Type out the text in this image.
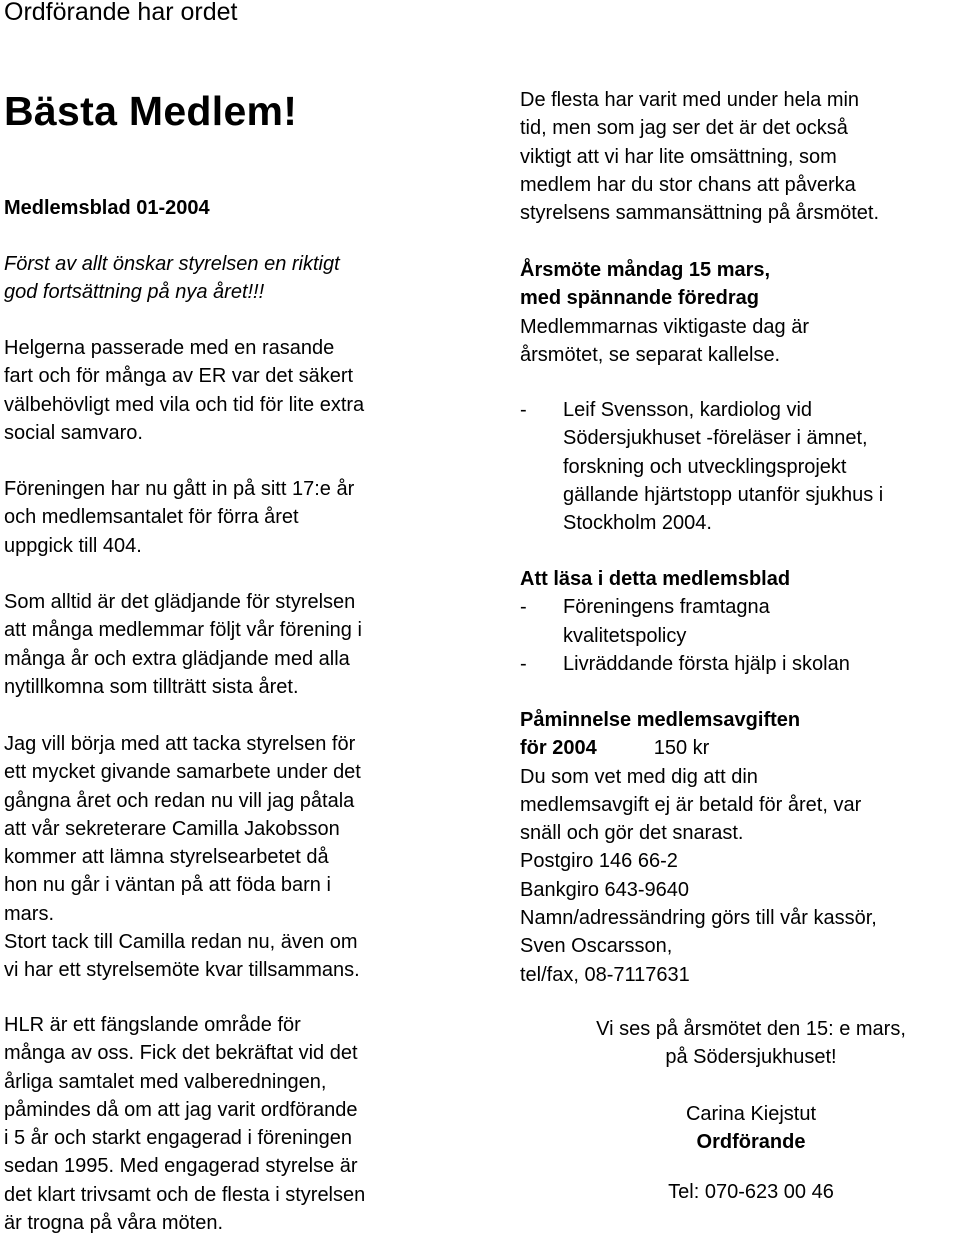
Ordförande har ordet
Bästa Medlem!
Medlemsblad 01-2004
Först av allt önskar styrelsen en riktigt
god fortsättning på nya året!!!
Helgerna passerade med en rasande
fart och för många av ER var det säkert
välbehövligt med vila och tid för lite extra
social samvaro.
Föreningen har nu gått in på sitt 17:e år
och medlemsantalet för förra året
uppgick till 404.
Som alltid är det glädjande för styrelsen
att många medlemmar följt vår förening i
många år och extra glädjande med alla
nytillkomna som tillträtt sista året.
Jag vill börja med att tacka styrelsen för
ett mycket givande samarbete under det
gångna året och redan nu vill jag påtala
att vår sekreterare Camilla Jakobsson
kommer att lämna styrelsearbetet då
hon nu går i väntan på att föda barn i
mars.
Stort tack till Camilla redan nu, även om
vi har ett styrelsemöte kvar tillsammans.
HLR är ett fängslande område för
många av oss. Fick det bekräftat vid det
årliga samtalet med valberedningen,
påmindes då om att jag varit ordförande
i 5 år och starkt engagerad i föreningen
sedan 1995. Med engagerad styrelse är
det klart trivsamt och de flesta i styrelsen
är trogna på våra möten.
De flesta har varit med under hela min
tid, men som jag ser det är det också
viktigt att vi har lite omsättning, som
medlem har du stor chans att påverka
styrelsens sammansättning på årsmötet.
Årsmöte måndag 15 mars,
med spännande föredrag
Medlemmarnas viktigaste dag är
årsmötet, se separat kallelse.
- Leif Svensson, kardiolog vid
Södersjukhuset -föreläser i ämnet,
forskning och utvecklingsprojekt
gällande hjärtstopp utanför sjukhus i
Stockholm 2004.
Att läsa i detta medlemsblad
- Föreningens framtagna
kvalitetspolicy
- Livräddande första hjälp i skolan
Påminnelse medlemsavgiften
för 2004	150 kr
Du som vet med dig att din
medlemsavgift ej är betald för året, var
snäll och gör det snarast.
Postgiro 146 66-2
Bankgiro 643-9640
Namn/adressändring görs till vår kassör,
Sven Oscarsson,
tel/fax, 08-7117631
Vi ses på årsmötet den 15: e mars,
på Södersjukhuset!
Carina Kiejstut
Ordförande
Tel: 070-623 00 46
